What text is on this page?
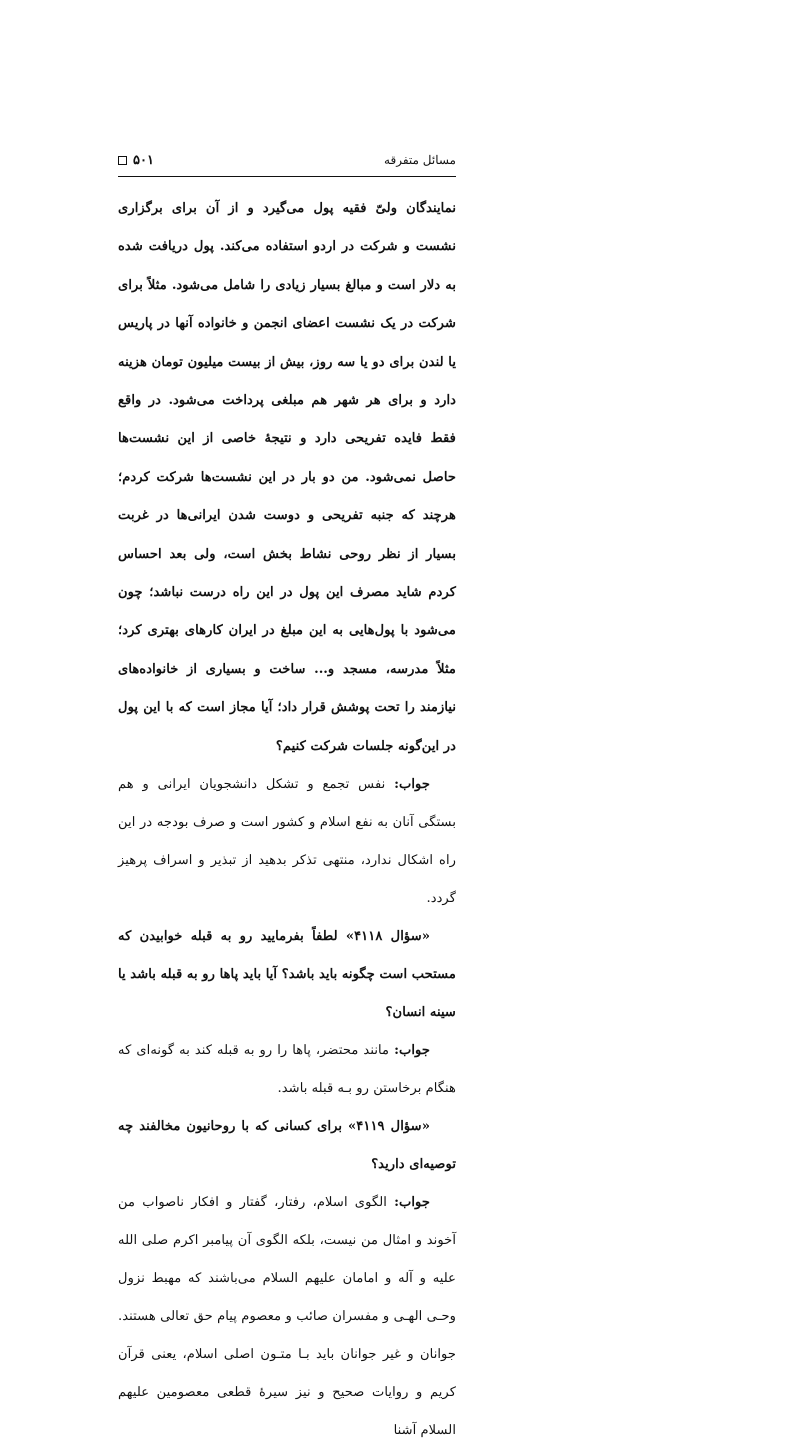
۵۰۱	مسائل متفرقه

نمایندگان ولیّ فقیه پول می‌گیرد و از آن برای برگزاری نشست و شرکت در اردو استفاده می‌کند. پول دریافت شده به دلار است و مبالغ بسیار زیادی را شامل می‌شود. مثلاً برای شرکت در یک نشست اعضای انجمن و خانواده آنها در پاریس یا لندن برای دو یا سه روز، بیش از بیست میلیون تومان هزینه دارد و برای هر شهر هم مبلغی پرداخت می‌شود. در واقع فقط فایده تفریحی دارد و نتیجهٔ خاصی از این نشست‌ها حاصل نمی‌شود. من دو بار در این نشست‌ها شرکت کردم؛ هرچند که جنبه تفریحی و دوست شدن ایرانی‌ها در غربت بسیار از نظر روحی نشاط بخش است، ولی بعد احساس کردم شاید مصرف این پول در این راه درست نباشد؛ چون می‌شود با پول‌هایی به این مبلغ در ایران کارهای بهتری کرد؛ مثلاً مدرسه، مسجد و... ساخت و بسیاری از خانواده‌های نیازمند را تحت پوشش قرار داد؛ آیا مجاز است که با این پول در این‌گونه جلسات شرکت کنیم؟

جواب: نفس تجمع و تشکل دانشجویان ایرانی و هم بستگی آنان به نفع اسلام و کشور است و صرف بودجه در این راه اشکال ندارد، منتهی تذکر بدهید از تبذیر و اسراف پرهیز گردد.

«سؤال ۴۱۱۸» لطفاً بفرمایید رو به قبله خوابیدن که مستحب است چگونه باید باشد؟ آیا باید پاها رو به قبله باشد یا سینه انسان؟

جواب: مانند محتضر، پاها را رو به قبله کند به گونه‌ای که هنگام برخاستن رو بـه قبله باشد.

«سؤال ۴۱۱۹» برای کسانی که با روحانیون مخالفند چه توصیه‌ای دارید؟

جواب: الگوی اسلام، رفتار، گفتار و افکار ناصواب من آخوند و امثال من نیست، بلکه الگوی آن پیامبر اکرم صلی الله علیه و آله و امامان علیهم السلام می‌باشند که مهبط نزول وحـی الهـی و مفسران صائب و معصوم پیام حق تعالی هستند. جوانان و غیر جوانان باید بـا متـون اصلی اسلام، یعنی قرآن کریم و روایات صحیح و نیز سیرهٔ قطعی معصومین علیهم السلام آشنا
